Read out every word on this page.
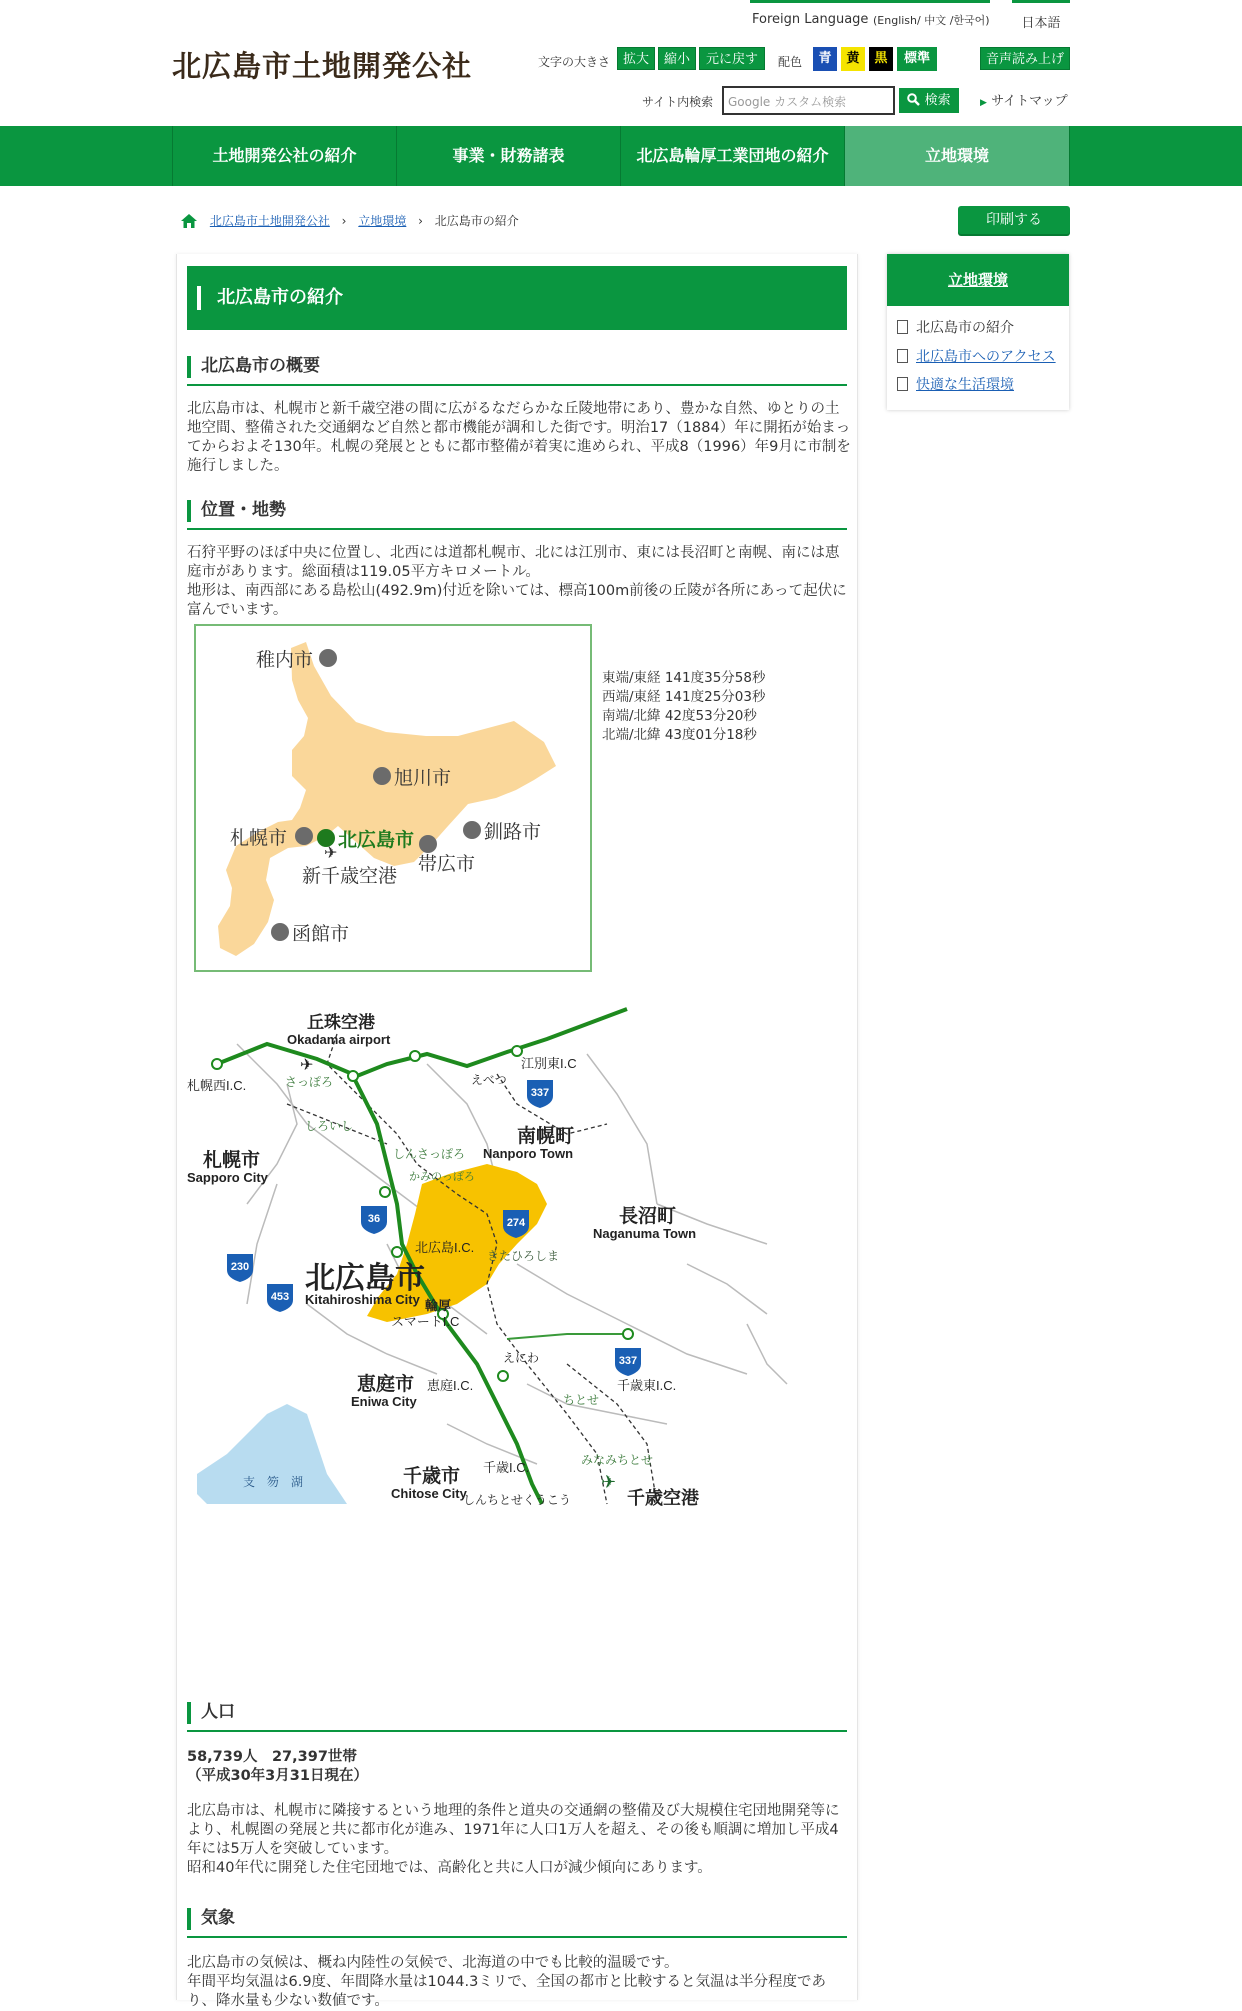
Foreign Language (English/ 中文 /한국어)	日本語
北広島市土地開発公社	文字の大きさ 拡大	縮小	元に戻す	配色	青	黄	黒	標準	音声読み上げ
サイト内検索	Google カスタム検索	検索	▶ サイトマップ
土地開発公社の紹介	事業・財務諸表	北広島輪厚工業団地の紹介	立地環境
北広島市土地開発公社 › 立地環境 › 北広島市の紹介	印刷する
北広島市の紹介
北広島市の概要

北広島市は、札幌市と新千歳空港の間に広がるなだらかな丘陵地帯にあり、豊かな自然、ゆとりの土地空間、整備された交通網など自然と都市機能が調和した街です。明治17（1884）年に開拓が始まってからおよそ130年。札幌の発展とともに都市整備が着実に進められ、平成8（1996）年9月に市制を施行しました。

位置・地勢

石狩平野のほぼ中央に位置し、北西には道都札幌市、北には江別市、東には長沼町と南幌、南には恵庭市があります。総面積は119.05平方キロメートル。

地形は、南西部にある島松山(492.9m)付近を除いては、標高100m前後の丘陵が各所にあって起伏に富んでいます。

稚内市
旭川市
札幌市	北広島市	釧路市
帯広市
✈
新千歳空港
函館市
東端/東経 141度35分58秒
西端/東経 141度25分03秒
南端/北緯 42度53分20秒
北端/北緯 43度01分18秒
丘珠空港
Okadama airport
✈
札幌西I.C.
江別東I.C
えべつ
さっぽろ
しろいし
しんさっぽろ
かみのっぽろ
札幌市
Sapporo City
南幌町
Nanporo Town
長沼町
Naganuma Town
北広島市
Kitahiroshima City
北広島I.C.
きたひろしま
輪厚
スマートI.C
恵庭市
Eniwa City
恵庭I.C.
えにわ
千歳東I.C.
ちとせ
みなみちとせ
千歳市
Chitose City
千歳I.C.
しんちとせくうこう
支　笏　湖
337
36	274
230
453
337
✈
千歳空港
人口

58,739人　27,397世帯

（平成30年3月31日現在）

北広島市は、札幌市に隣接するという地理的条件と道央の交通網の整備及び大規模住宅団地開発等により、札幌圏の発展と共に都市化が進み、1971年に人口1万人を超え、その後も順調に増加し平成4年には5万人を突破しています。

昭和40年代に開発した住宅団地では、高齢化と共に人口が減少傾向にあります。

気象

北広島市の気候は、概ね内陸性の気候で、北海道の中でも比較的温暖です。

年間平均気温は6.9度、年間降水量は1044.3ミリで、全国の都市と比較すると気温は半分程度であり、降水量も少ない数値です。

立地環境
北広島市の紹介
北広島市へのアクセス
快適な生活環境
